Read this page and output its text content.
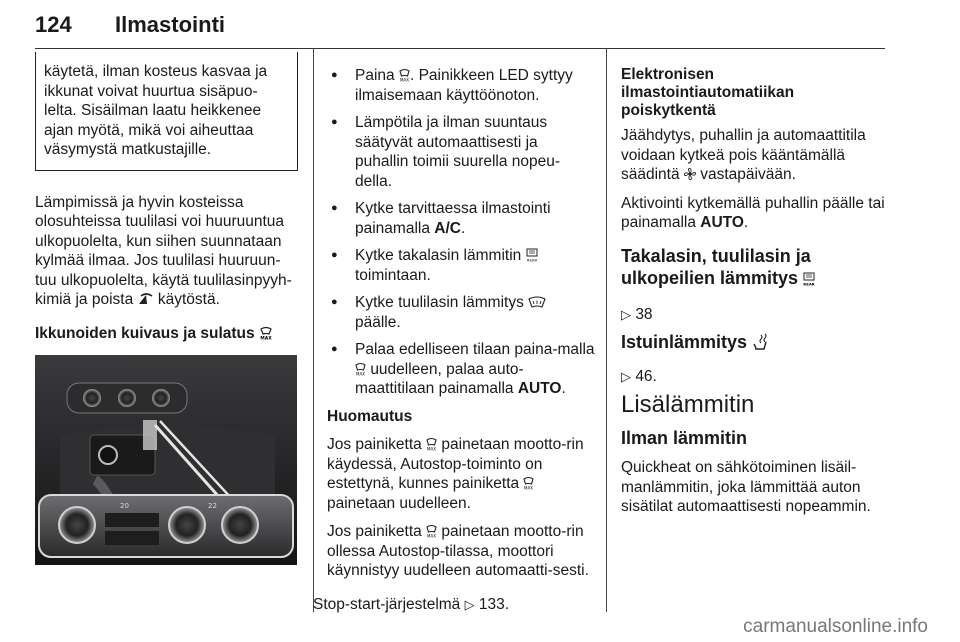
124 Ilmastointi
käytetä, ilman kosteus kasvaa ja ikkunat voivat huurtua sisäpuo-lelta. Sisäilman laatu heikkenee ajan myötä, mikä voi aiheuttaa väsymystä matkustajille.

Lämpimissä ja hyvin kosteissa olosuhteissa tuulilasi voi huuruuntua ulkopuolelta, kun siihen suunnataan kylmää ilmaa. Jos tuulilasi huuruun-tuu ulkopuolelta, käytä tuulilasinpyyh-kimiä ja poista käytöstä.

Ikkunoiden kuivaus ja sulatus MAX
20	22
● Paina MAX . Painikkeen LED syttyy ilmaisemaan käyttöönoton.
● Lämpötila ja ilman suuntaus säätyvät automaattisesti ja puhallin toimii suurella nopeu-della.
● Kytke tarvittaessa ilmastointi painamalla A/C.
● Kytke takalasin lämmitin REAR
toimintaan.
● Kytke tuulilasin lämmitys
päälle.
● Palaa edelliseen tilaan paina-malla
MAX uudelleen, palaa auto-maattitilaan painamalla AUTO.

Huomautus

Jos painiketta MAX painetaan mootto-rin käydessä, Autostop-toiminto on estettynä, kunnes painiketta MAX
painetaan uudelleen.

Jos painiketta MAX painetaan mootto-rin ollessa Autostop-tilassa, moottori käynnistyy uudelleen automaatti-sesti.

Stop-start-järjestelmä ▷ 133.

Elektronisen ilmastointiautomatiikan poiskytkentä

Jäähdytys, puhallin ja automaattitila voidaan kytkeä pois kääntämällä säädintä vastapäivään.

Aktivointi kytkemällä puhallin päälle tai painamalla AUTO.

Takalasin, tuulilasin ja ulkopeilien lämmitys REAR

▷ 38

Istuinlämmitys

▷ 46.

Lisälämmitin
Ilman lämmitin

Quickheat on sähkötoiminen lisäil-manlämmitin, joka lämmittää auton sisätilat automaattisesti nopeammin.

carmanualsonline.info
